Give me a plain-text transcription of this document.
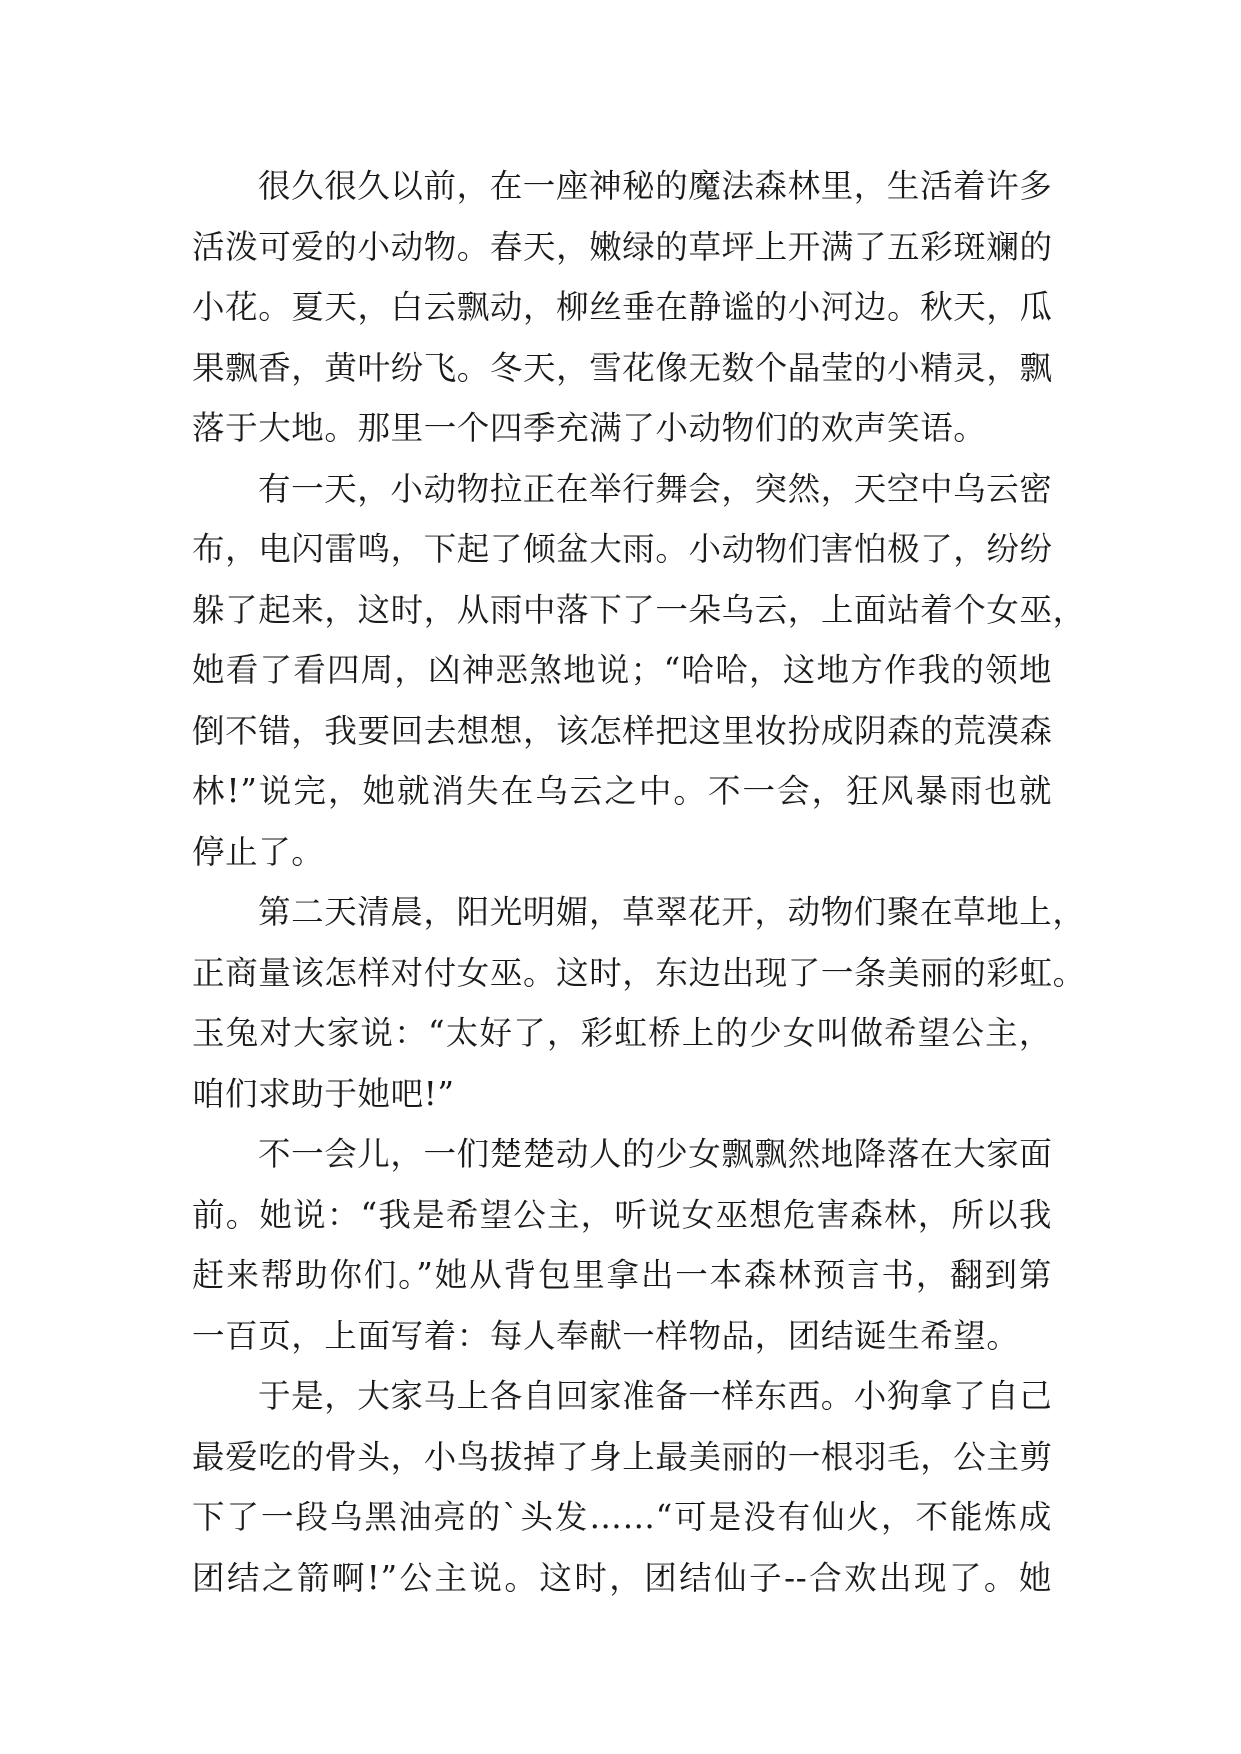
很久很久以前，在一座神秘的魔法森林里，生活着许多
活泼可爱的小动物。春天，嫩绿的草坪上开满了五彩斑斓的
小花。夏天，白云飘动，柳丝垂在静谧的小河边。秋天，瓜
果飘香，黄叶纷飞。冬天，雪花像无数个晶莹的小精灵，飘
落于大地。那里一个四季充满了小动物们的欢声笑语。
有一天，小动物拉正在举行舞会，突然，天空中乌云密
布，电闪雷鸣，下起了倾盆大雨。小动物们害怕极了，纷纷
躲了起来，这时，从雨中落下了一朵乌云，上面站着个女巫，
她看了看四周，凶神恶煞地说；“哈哈，这地方作我的领地
倒不错，我要回去想想，该怎样把这里妆扮成阴森的荒漠森
林!”说完，她就消失在乌云之中。不一会，狂风暴雨也就
停止了。
第二天清晨，阳光明媚，草翠花开，动物们聚在草地上，
正商量该怎样对付女巫。这时，东边出现了一条美丽的彩虹。
玉兔对大家说：“太好了，彩虹桥上的少女叫做希望公主，
咱们求助于她吧!”
不一会儿，一们楚楚动人的少女飘飘然地降落在大家面
前。她说：“我是希望公主，听说女巫想危害森林，所以我
赶来帮助你们。”她从背包里拿出一本森林预言书，翻到第
一百页，上面写着：每人奉献一样物品，团结诞生希望。
于是，大家马上各自回家准备一样东西。小狗拿了自己
最爱吃的骨头，小鸟拔掉了身上最美丽的一根羽毛，公主剪
下了一段乌黑油亮的`头发……“可是没有仙火，不能炼成
团结之箭啊!”公主说。这时，团结仙子--合欢出现了。她
